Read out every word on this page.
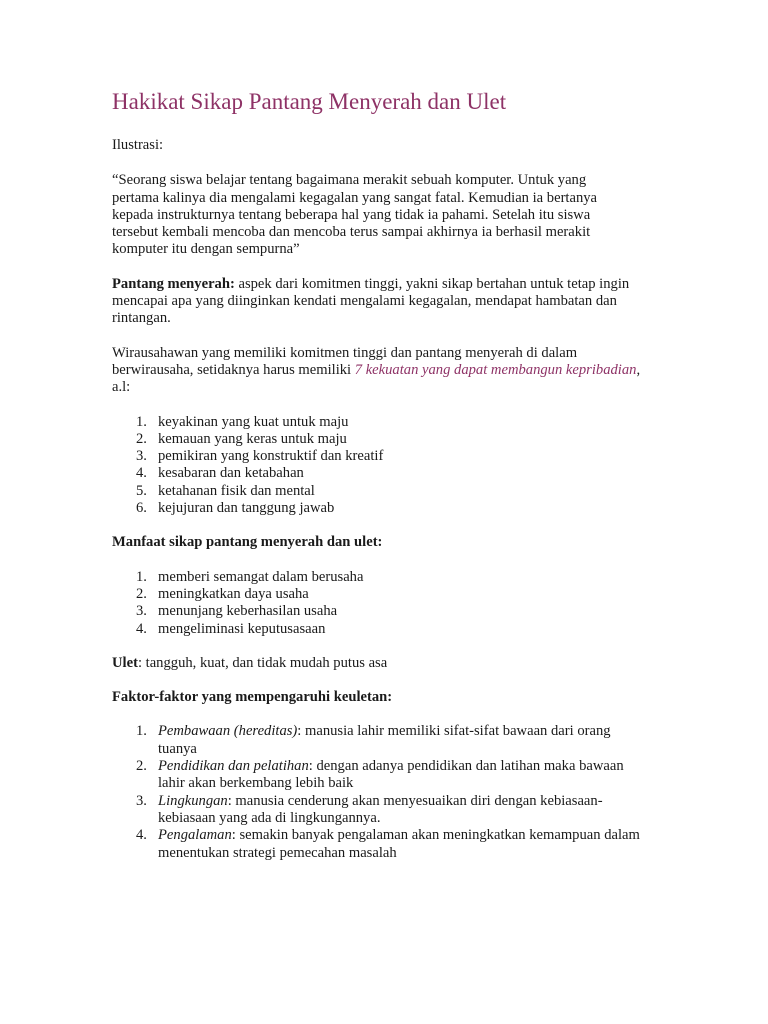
Hakikat Sikap Pantang Menyerah dan Ulet

Ilustrasi:

“Seorang siswa belajar tentang bagaimana merakit sebuah komputer. Untuk yang pertama kalinya dia mengalami kegagalan yang sangat fatal. Kemudian ia bertanya kepada instrukturnya tentang beberapa hal yang tidak ia pahami. Setelah itu siswa tersebut kembali mencoba dan mencoba terus sampai akhirnya ia berhasil merakit komputer itu dengan sempurna”

Pantang menyerah: aspek dari komitmen tinggi, yakni sikap bertahan untuk tetap ingin mencapai apa yang diinginkan kendati mengalami kegagalan, mendapat hambatan dan rintangan.

Wirausahawan yang memiliki komitmen tinggi dan pantang menyerah di dalam berwirausaha, setidaknya harus memiliki 7 kekuatan yang dapat membangun kepribadian, a.l:

1. keyakinan yang kuat untuk maju
2. kemauan yang keras untuk maju
3. pemikiran yang konstruktif dan kreatif
4. kesabaran dan ketabahan
5. ketahanan fisik dan mental
6. kejujuran dan tanggung jawab

Manfaat sikap pantang menyerah dan ulet:

1. memberi semangat dalam berusaha
2. meningkatkan daya usaha
3. menunjang keberhasilan usaha
4. mengeliminasi keputusasaan

Ulet: tangguh, kuat, dan tidak mudah putus asa

Faktor-faktor yang mempengaruhi keuletan:

1. Pembawaan (hereditas): manusia lahir memiliki sifat-sifat bawaan dari orang tuanya
2. Pendidikan dan pelatihan: dengan adanya pendidikan dan latihan maka bawaan lahir akan berkembang lebih baik
3. Lingkungan: manusia cenderung akan menyesuaikan diri dengan kebiasaan-kebiasaan yang ada di lingkungannya.
4. Pengalaman: semakin banyak pengalaman akan meningkatkan kemampuan dalam menentukan strategi pemecahan masalah
